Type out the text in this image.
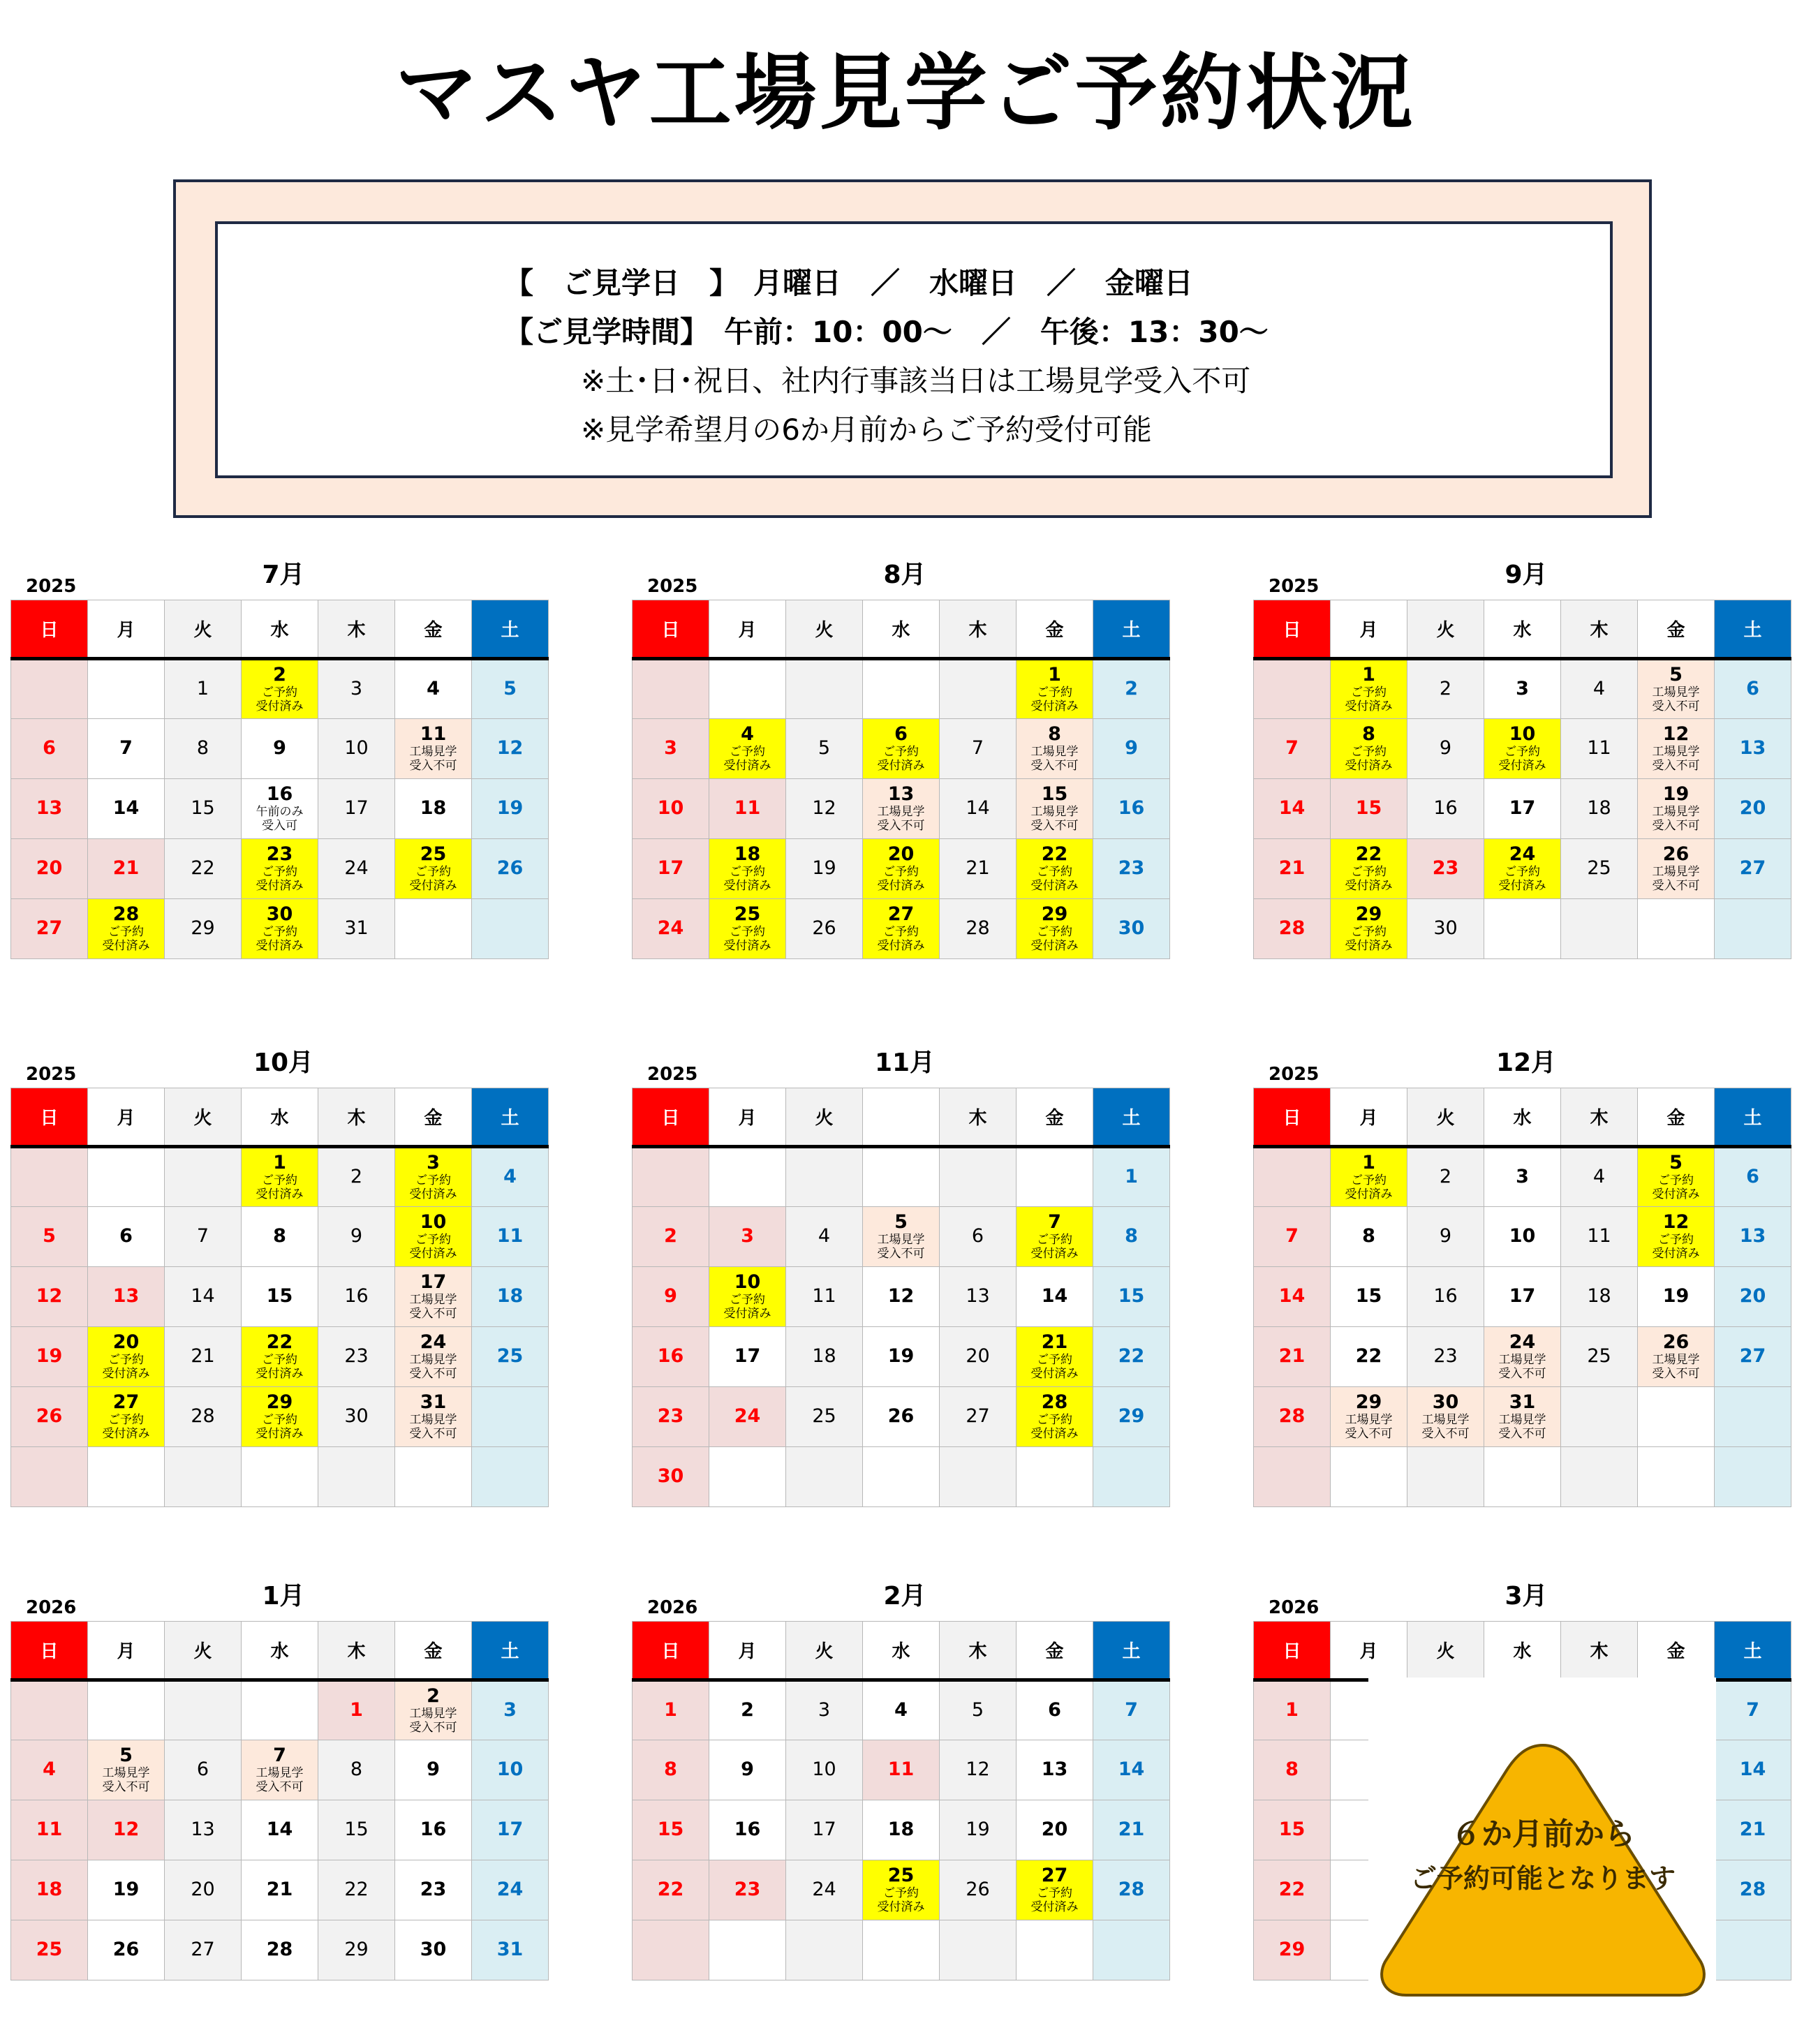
マスヤ工場見学ご予約状況
【　ご見学日　】　月曜日　／　水曜日　／　金曜日
【ご見学時間】　午前：10：00～　／　午後：13：30～
※土･日･祝日、社内行事該当日は工場見学受入不可
※見学希望月の6か月前からご予約受付可能
7月
2025
日	月	火	水	木	金	土

		1	2
ご予約
受付済み	3	4	5

6	7	8	9	10	11
工場見学
受入不可	12

13	14	15	16
午前のみ
受入可	17	18	19

20	21	22	23
ご予約
受付済み	24	25
ご予約
受付済み	26

27	28
ご予約
受付済み	29	30
ご予約
受付済み	31		

8月
2025
日	月	火	水	木	金	土

					1
ご予約
受付済み	2

3	4
ご予約
受付済み	5	6
ご予約
受付済み	7	8
工場見学
受入不可	9

10	11	12	13
工場見学
受入不可	14	15
工場見学
受入不可	16

17	18
ご予約
受付済み	19	20
ご予約
受付済み	21	22
ご予約
受付済み	23

24	25
ご予約
受付済み	26	27
ご予約
受付済み	28	29
ご予約
受付済み	30
9月
2025
日	月	火	水	木	金	土

	1
ご予約
受付済み	2	3	4	5
工場見学
受入不可	6

7	8
ご予約
受付済み	9	10
ご予約
受付済み	11	12
工場見学
受入不可	13

14	15	16	17	18	19
工場見学
受入不可	20

21	22
ご予約
受付済み	23	24
ご予約
受付済み	25	26
工場見学
受入不可	27

28	29
ご予約
受付済み	30				

10月
2025
日	月	火	水	木	金	土

			1
ご予約
受付済み	2	3
ご予約
受付済み	4

5	6	7	8	9	10
ご予約
受付済み	11

12	13	14	15	16	17
工場見学
受入不可	18

19	20
ご予約
受付済み	21	22
ご予約
受付済み	23	24
工場見学
受入不可	25

26	27
ご予約
受付済み	28	29
ご予約
受付済み	30	31
工場見学
受入不可	

11月
2025
日	月	火		木	金	土

						1

2	3	4	5
工場見学
受入不可	6	7
ご予約
受付済み	8

9	10
ご予約
受付済み	11	12	13	14	15

16	17	18	19	20	21
ご予約
受付済み	22

23	24	25	26	27	28
ご予約
受付済み	29

30						

12月
2025
日	月	火	水	木	金	土

	1
ご予約
受付済み	2	3	4	5
ご予約
受付済み	6

7	8	9	10	11	12
ご予約
受付済み	13

14	15	16	17	18	19	20

21	22	23	24
工場見学
受入不可	25	26
工場見学
受入不可	27

28	29
工場見学
受入不可	30
工場見学
受入不可	31
工場見学
受入不可			

1月
2026
日	月	火	水	木	金	土

				1	2
工場見学
受入不可	3

4	5
工場見学
受入不可	6	7
工場見学
受入不可	8	9	10

11	12	13	14	15	16	17

18	19	20	21	22	23	24

25	26	27	28	29	30	31
2月
2026
日	月	火	水	木	金	土

1	2	3	4	5	6	7

8	9	10	11	12	13	14

15	16	17	18	19	20	21

22	23	24	25
ご予約
受付済み	26	27
ご予約
受付済み	28

3月
2026
日	月	火	水	木	金	土

1						7

8						14

15						21

22						28

29						

６か月前から
ご予約可能となります
